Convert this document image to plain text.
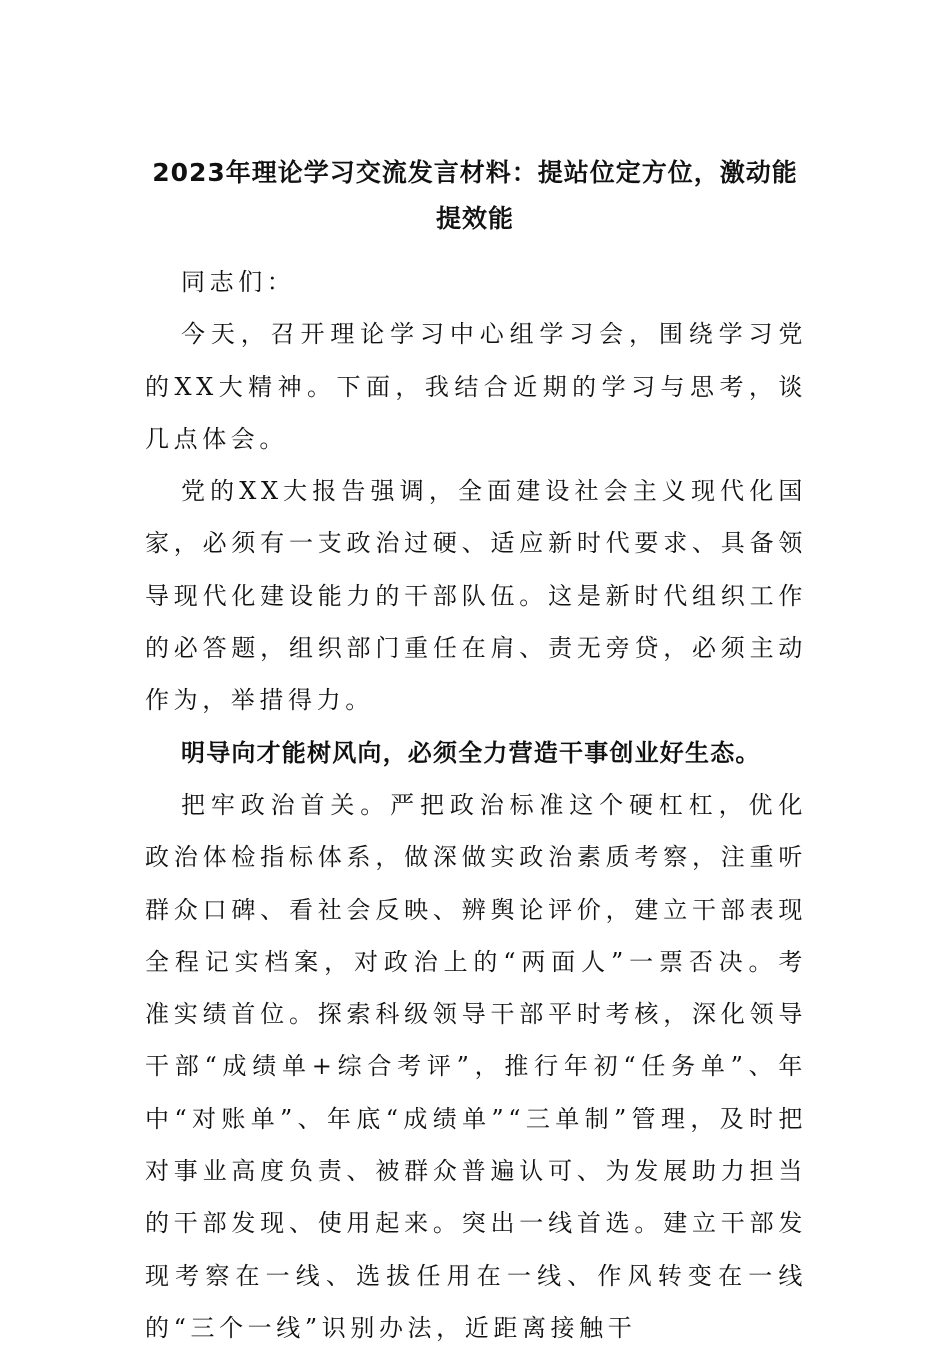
2023年理论学习交流发言材料：提站位定方位，激动能提效能

同志们：

今天，召开理论学习中心组学习会，围绕学习党的XX大精神。下面，我结合近期的学习与思考，谈几点体会。

党的XX大报告强调，全面建设社会主义现代化国家，必须有一支政治过硬、适应新时代要求、具备领导现代化建设能力的干部队伍。这是新时代组织工作的必答题，组织部门重任在肩、责无旁贷，必须主动作为，举措得力。

明导向才能树风向，必须全力营造干事创业好生态。

把牢政治首关。严把政治标准这个硬杠杠，优化政治体检指标体系，做深做实政治素质考察，注重听群众口碑、看社会反映、辨舆论评价，建立干部表现全程记实档案，对政治上的“两面人”一票否决。考准实绩首位。探索科级领导干部平时考核，深化领导干部“成绩单+综合考评”，推行年初“任务单”、年中“对账单”、年底“成绩单”“三单制”管理，及时把对事业高度负责、被群众普遍认可、为发展助力担当的干部发现、使用起来。突出一线首选。建立干部发现考察在一线、选拔任用在一线、作风转变在一线的“三个一线”识别办法，近距离接触干
